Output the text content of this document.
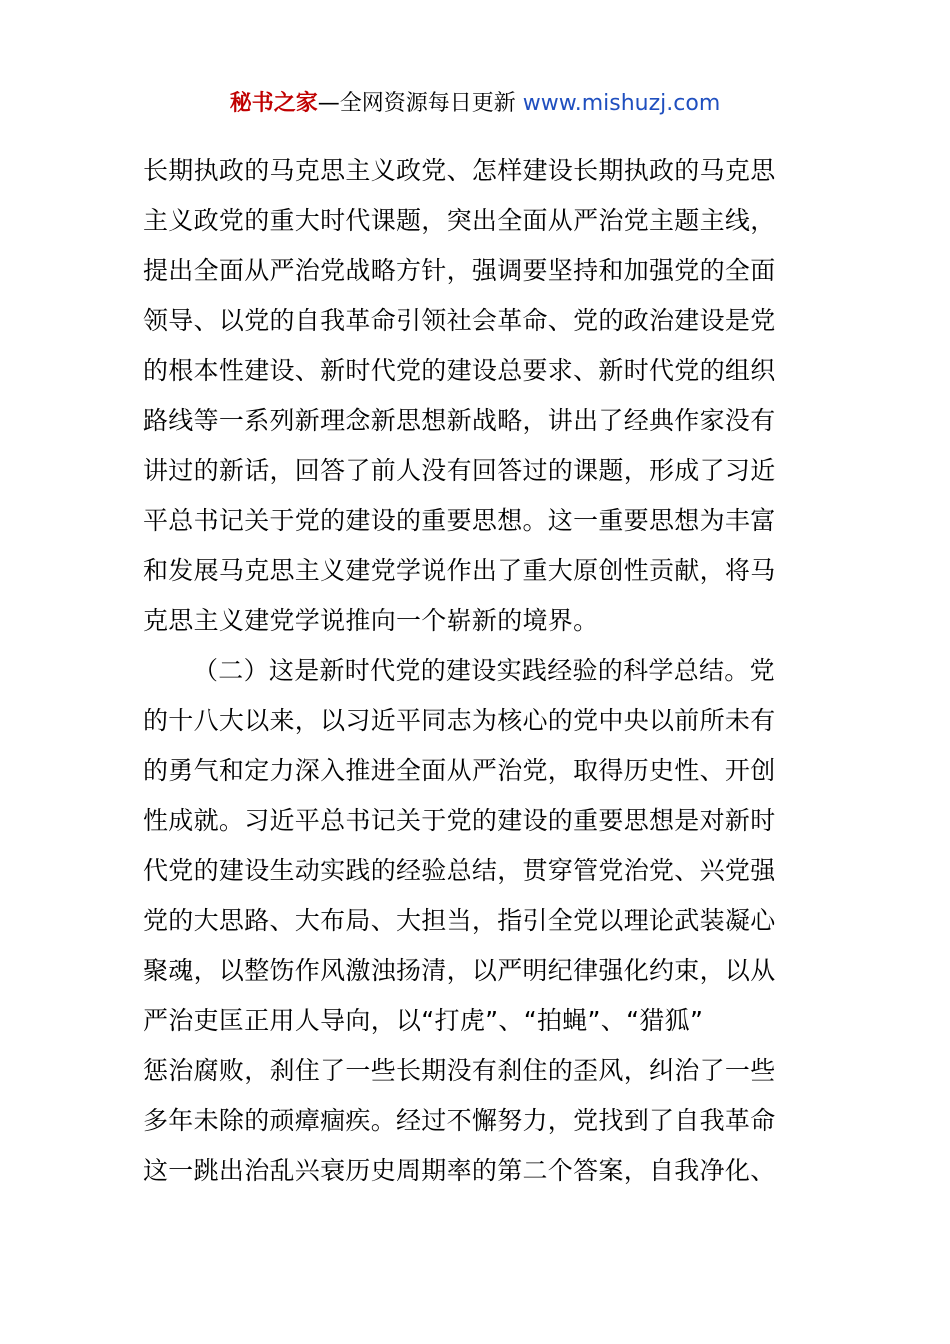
秘书之家—全网资源每日更新 www.mishuzj.com
长期执政的马克思主义政党、怎样建设长期执政的马克思
主义政党的重大时代课题，突出全面从严治党主题主线，
提出全面从严治党战略方针，强调要坚持和加强党的全面
领导、以党的自我革命引领社会革命、党的政治建设是党
的根本性建设、新时代党的建设总要求、新时代党的组织
路线等一系列新理念新思想新战略，讲出了经典作家没有
讲过的新话，回答了前人没有回答过的课题，形成了习近
平总书记关于党的建设的重要思想。这一重要思想为丰富
和发展马克思主义建党学说作出了重大原创性贡献，将马
克思主义建党学说推向一个崭新的境界。
（二）这是新时代党的建设实践经验的科学总结。党
的十八大以来，以习近平同志为核心的党中央以前所未有
的勇气和定力深入推进全面从严治党，取得历史性、开创
性成就。习近平总书记关于党的建设的重要思想是对新时
代党的建设生动实践的经验总结，贯穿管党治党、兴党强
党的大思路、大布局、大担当，指引全党以理论武装凝心
聚魂，以整饬作风激浊扬清，以严明纪律强化约束，以从
严治吏匡正用人导向，以“打虎”、“拍蝇”、“猎狐”
惩治腐败，刹住了一些长期没有刹住的歪风，纠治了一些
多年未除的顽瘴痼疾。经过不懈努力，党找到了自我革命
这一跳出治乱兴衰历史周期率的第二个答案，自我净化、
